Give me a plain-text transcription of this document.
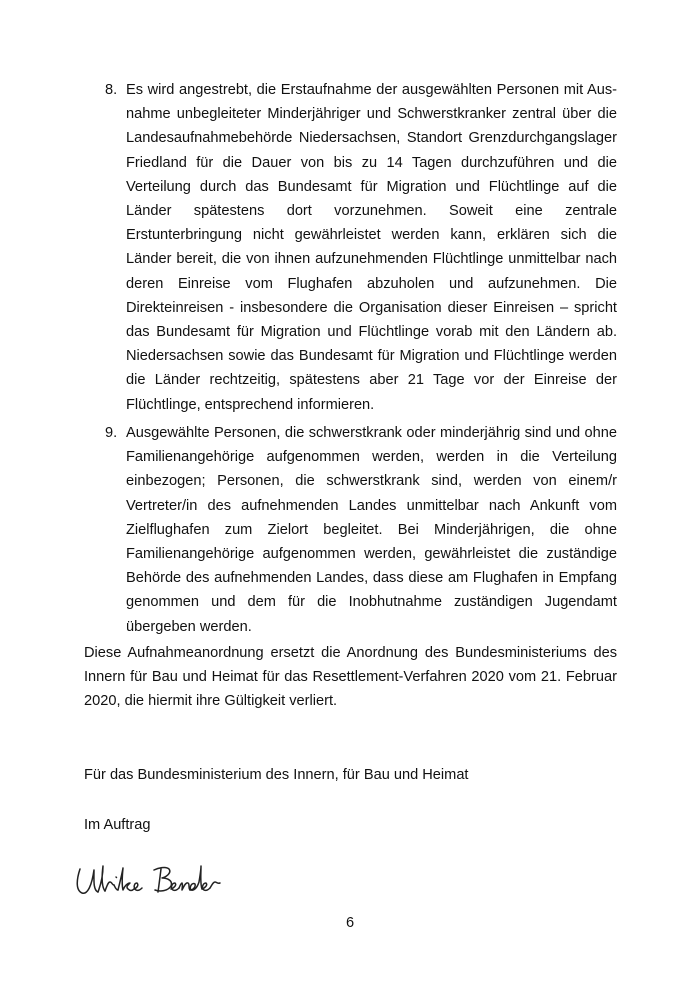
8. Es wird angestrebt, die Erstaufnahme der ausgewählten Personen mit Ausnahme unbegleiteter Minderjähriger und Schwerstkranker zentral über die Landesaufnahmebehörde Niedersachsen, Standort Grenzdurchgangslager Friedland für die Dauer von bis zu 14 Tagen durchzuführen und die Verteilung durch das Bundesamt für Migration und Flüchtlinge auf die Länder spätestens dort vorzunehmen. Soweit eine zentrale Erstunterbringung nicht gewährleistet werden kann, erklären sich die Länder bereit, die von ihnen aufzunehmenden Flüchtlinge unmittelbar nach deren Einreise vom Flughafen abzuholen und aufzunehmen. Die Direkteinreisen - insbesondere die Organisation dieser Einreisen – spricht das Bundesamt für Migration und Flüchtlinge vorab mit den Ländern ab. Niedersachsen sowie das Bundesamt für Migration und Flüchtlinge werden die Länder rechtzeitig, spätestens aber 21 Tage vor der Einreise der Flüchtlinge, entsprechend informieren.
9. Ausgewählte Personen, die schwerstkrank oder minderjährig sind und ohne Familienangehörige aufgenommen werden, werden in die Verteilung einbezogen; Personen, die schwerstkrank sind, werden von einem/r Vertreter/in des aufnehmenden Landes unmittelbar nach Ankunft vom Zielflughafen zum Zielort begleitet. Bei Minderjährigen, die ohne Familienangehörige aufgenommen werden, gewährleistet die zuständige Behörde des aufnehmenden Landes, dass diese am Flughafen in Empfang genommen und dem für die Inobhutnahme zuständigen Jugendamt übergeben werden.

Diese Aufnahmeanordnung ersetzt die Anordnung des Bundesministeriums des Innern für Bau und Heimat für das Resettlement-Verfahren 2020 vom 21. Februar 2020, die hiermit ihre Gültigkeit verliert.

Für das Bundesministerium des Innern, für Bau und Heimat

Im Auftrag

6
